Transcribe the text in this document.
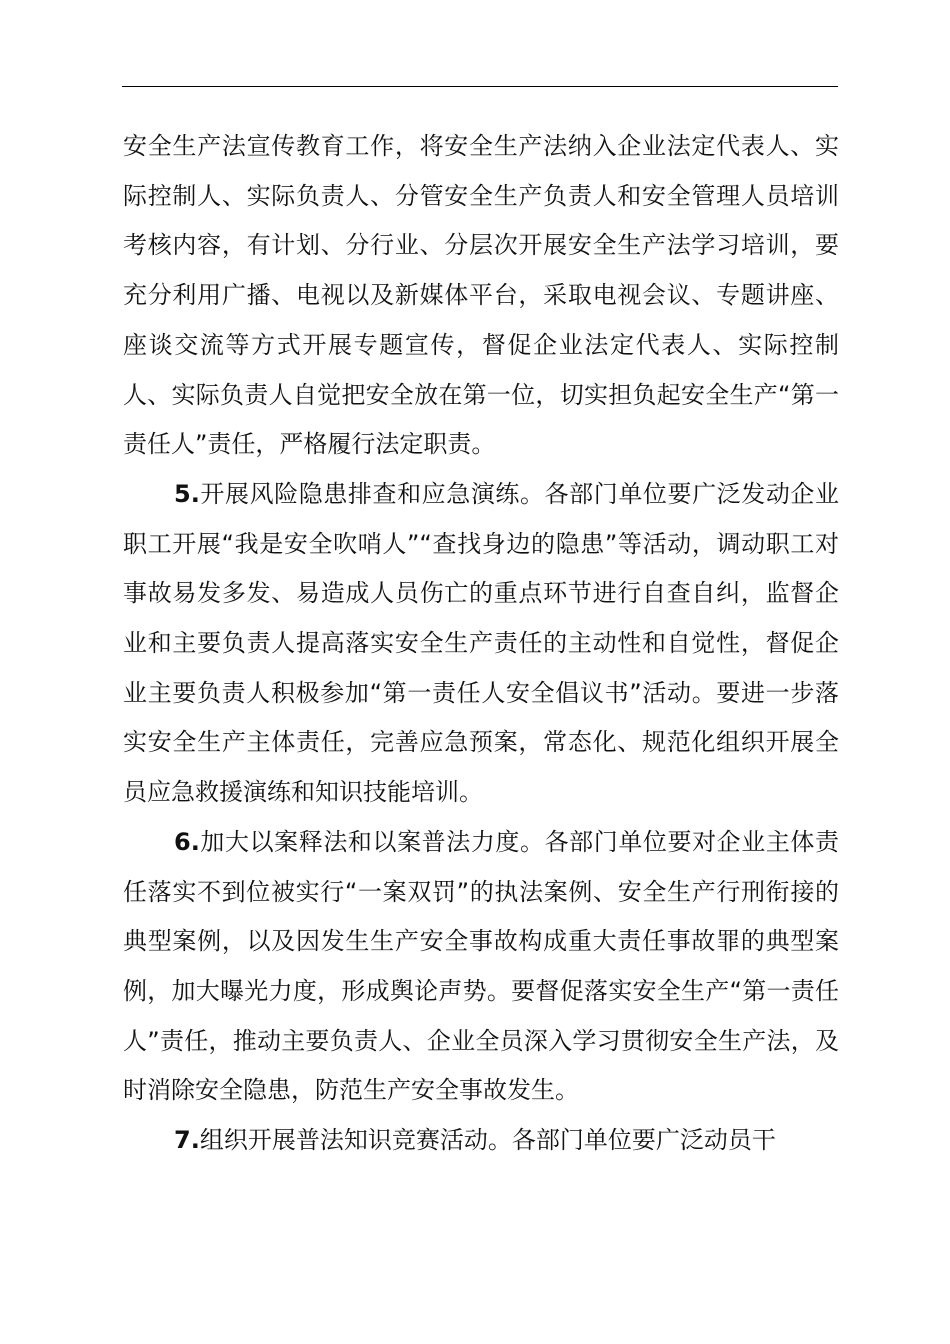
安全生产法宣传教育工作，将安全生产法纳入企业法定代表人、实际控制人、实际负责人、分管安全生产负责人和安全管理人员培训考核内容，有计划、分行业、分层次开展安全生产法学习培训，要充分利用广播、电视以及新媒体平台，采取电视会议、专题讲座、座谈交流等方式开展专题宣传，督促企业法定代表人、实际控制人、实际负责人自觉把安全放在第一位，切实担负起安全生产“第一责任人”责任，严格履行法定职责。

5.开展风险隐患排查和应急演练。各部门单位要广泛发动企业职工开展“我是安全吹哨人”“查找身边的隐患”等活动，调动职工对事故易发多发、易造成人员伤亡的重点环节进行自查自纠，监督企业和主要负责人提高落实安全生产责任的主动性和自觉性，督促企业主要负责人积极参加“第一责任人安全倡议书”活动。要进一步落实安全生产主体责任，完善应急预案，常态化、规范化组织开展全员应急救援演练和知识技能培训。

6.加大以案释法和以案普法力度。各部门单位要对企业主体责任落实不到位被实行“一案双罚”的执法案例、安全生产行刑衔接的典型案例，以及因发生生产安全事故构成重大责任事故罪的典型案例，加大曝光力度，形成舆论声势。要督促落实安全生产“第一责任人”责任，推动主要负责人、企业全员深入学习贯彻安全生产法，及时消除安全隐患，防范生产安全事故发生。

7.组织开展普法知识竞赛活动。各部门单位要广泛动员干
